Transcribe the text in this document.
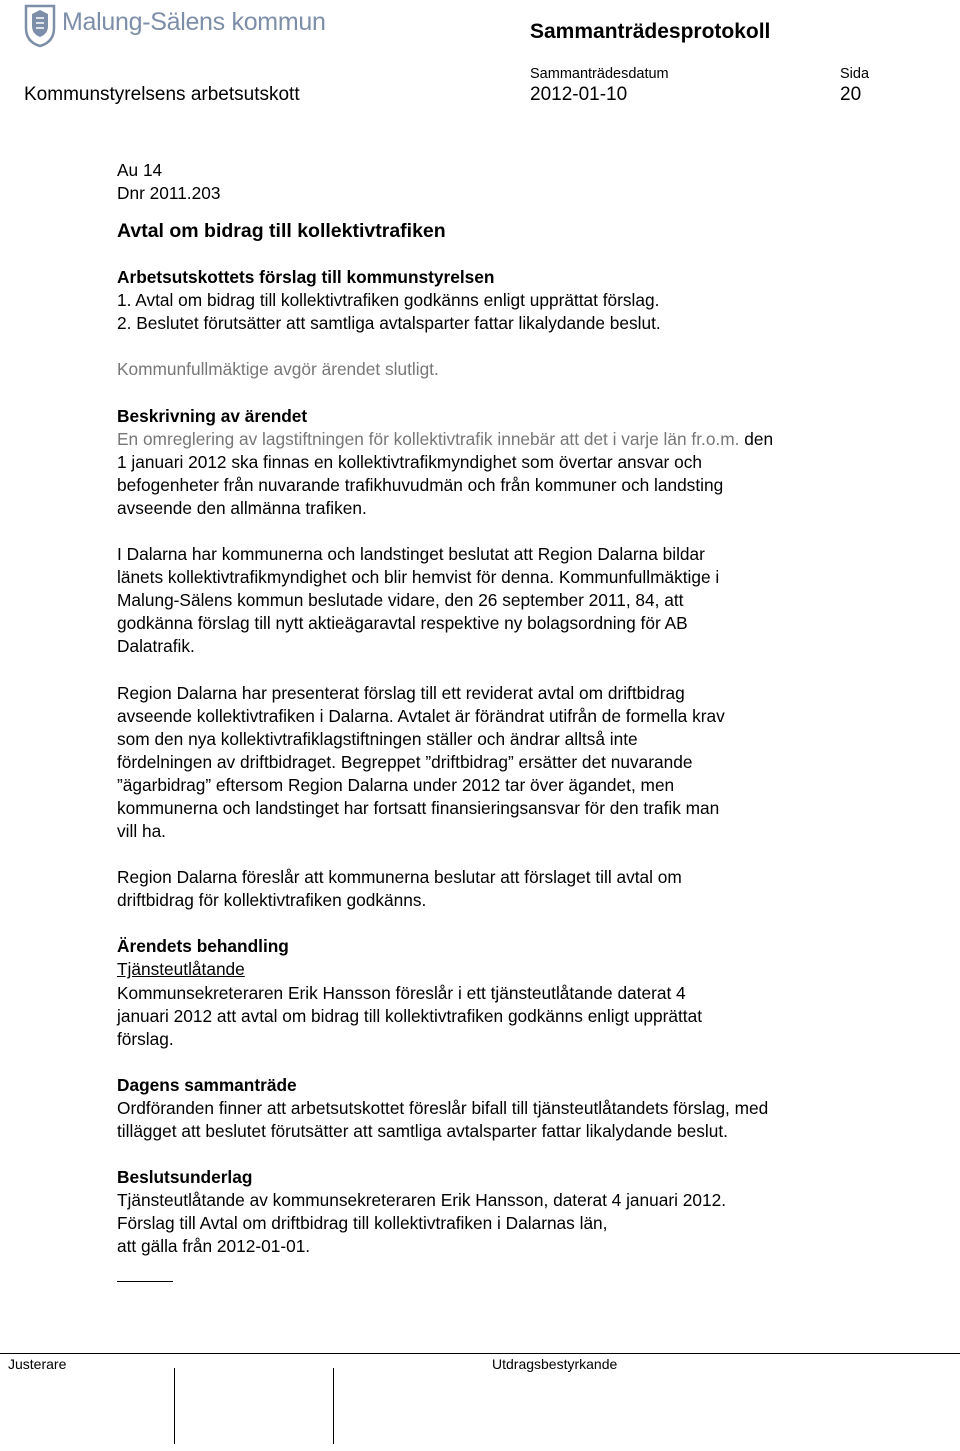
Malung-Sälens kommun	Sammanträdesprotokoll
Kommunstyrelsens arbetsutskott
Sammanträdesdatum
2012-01-10
Sida
20

Au 14

Dnr 2011.203

Avtal om bidrag till kollektivtrafiken

Arbetsutskottets förslag till kommunstyrelsen

1. Avtal om bidrag till kollektivtrafiken godkänns enligt upprättat förslag.

2. Beslutet förutsätter att samtliga avtalsparter fattar likalydande beslut.

Kommunfullmäktige avgör ärendet slutligt.

Beskrivning av ärendet

En omreglering av lagstiftningen för kollektivtrafik innebär att det i varje län fr.o.m. den

1 januari 2012 ska finnas en kollektivtrafikmyndighet som övertar ansvar och

befogenheter från nuvarande trafikhuvudmän och från kommuner och landsting

avseende den allmänna trafiken.

I Dalarna har kommunerna och landstinget beslutat att Region Dalarna bildar

länets kollektivtrafikmyndighet och blir hemvist för denna. Kommunfullmäktige i

Malung-Sälens kommun beslutade vidare, den 26 september 2011, 84, att

godkänna förslag till nytt aktieägaravtal respektive ny bolagsordning för AB

Dalatrafik.

Region Dalarna har presenterat förslag till ett reviderat avtal om driftbidrag

avseende kollektivtrafiken i Dalarna. Avtalet är förändrat utifrån de formella krav

som den nya kollektivtrafiklagstiftningen ställer och ändrar alltså inte

fördelningen av driftbidraget. Begreppet ”driftbidrag” ersätter det nuvarande

”ägarbidrag” eftersom Region Dalarna under 2012 tar över ägandet, men

kommunerna och landstinget har fortsatt finansieringsansvar för den trafik man

vill ha.

Region Dalarna föreslår att kommunerna beslutar att förslaget till avtal om

driftbidrag för kollektivtrafiken godkänns.

Ärendets behandling

Tjänsteutlåtande

Kommunsekreteraren Erik Hansson föreslår i ett tjänsteutlåtande daterat 4

januari 2012 att avtal om bidrag till kollektivtrafiken godkänns enligt upprättat

förslag.

Dagens sammanträde

Ordföranden finner att arbetsutskottet föreslår bifall till tjänsteutlåtandets förslag, med

tillägget att beslutet förutsätter att samtliga avtalsparter fattar likalydande beslut.

Beslutsunderlag

Tjänsteutlåtande av kommunsekreteraren Erik Hansson, daterat 4 januari 2012.

Förslag till Avtal om driftbidrag till kollektivtrafiken i Dalarnas län,

att gälla från 2012-01-01.

Justerare	Utdragsbestyrkande
